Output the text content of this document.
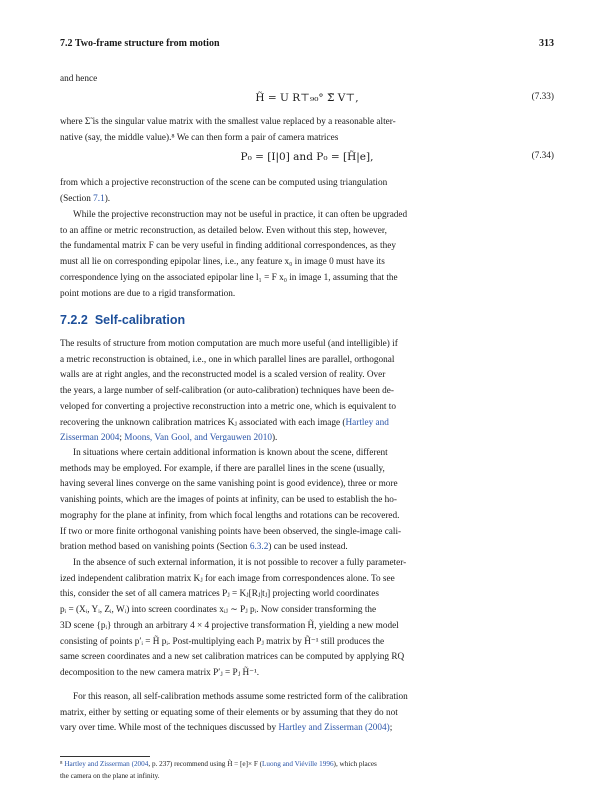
7.2 Two-frame structure from motion	313
and hence
H̃ = U R⊤₉₀° Σ̃ V⊤,	(7.33)
where Σ̃ is the singular value matrix with the smallest value replaced by a reasonable alter-
native (say, the middle value).⁸ We can then form a pair of camera matrices
P₀ = [I|0] and P₀ = [H̃|e],	(7.34)
from which a projective reconstruction of the scene can be computed using triangulation
(Section 7.1).
While the projective reconstruction may not be useful in practice, it can often be upgraded
to an affine or metric reconstruction, as detailed below. Even without this step, however,
the fundamental matrix F can be very useful in finding additional correspondences, as they
must all lie on corresponding epipolar lines, i.e., any feature x₀ in image 0 must have its
correspondence lying on the associated epipolar line l₁ = F x₀ in image 1, assuming that the
point motions are due to a rigid transformation.
7.2.2 Self-calibration
The results of structure from motion computation are much more useful (and intelligible) if
a metric reconstruction is obtained, i.e., one in which parallel lines are parallel, orthogonal
walls are at right angles, and the reconstructed model is a scaled version of reality. Over
the years, a large number of self-calibration (or auto-calibration) techniques have been de-
veloped for converting a projective reconstruction into a metric one, which is equivalent to
recovering the unknown calibration matrices Kⱼ associated with each image (Hartley and
Zisserman 2004; Moons, Van Gool, and Vergauwen 2010).
In situations where certain additional information is known about the scene, different
methods may be employed. For example, if there are parallel lines in the scene (usually,
having several lines converge on the same vanishing point is good evidence), three or more
vanishing points, which are the images of points at infinity, can be used to establish the ho-
mography for the plane at infinity, from which focal lengths and rotations can be recovered.
If two or more finite orthogonal vanishing points have been observed, the single-image cali-
bration method based on vanishing points (Section 6.3.2) can be used instead.
In the absence of such external information, it is not possible to recover a fully parameter-
ized independent calibration matrix Kⱼ for each image from correspondences alone. To see
this, consider the set of all camera matrices Pⱼ = Kⱼ[Rⱼ|tⱼ] projecting world coordinates
pᵢ = (Xᵢ, Yᵢ, Zᵢ, Wᵢ) into screen coordinates xᵢⱼ ∼ Pⱼ pᵢ. Now consider transforming the
3D scene {pᵢ} through an arbitrary 4 × 4 projective transformation H̃, yielding a new model
consisting of points p′ᵢ = H̃ pᵢ. Post-multiplying each Pⱼ matrix by H̃⁻¹ still produces the
same screen coordinates and a new set calibration matrices can be computed by applying RQ
decomposition to the new camera matrix P′ⱼ = Pⱼ H̃⁻¹.
For this reason, all self-calibration methods assume some restricted form of the calibration
matrix, either by setting or equating some of their elements or by assuming that they do not
vary over time. While most of the techniques discussed by Hartley and Zisserman (2004);
⁸ Hartley and Zisserman (2004, p. 237) recommend using H̃ = [e]× F (Luong and Viéville 1996), which places
the camera on the plane at infinity.
